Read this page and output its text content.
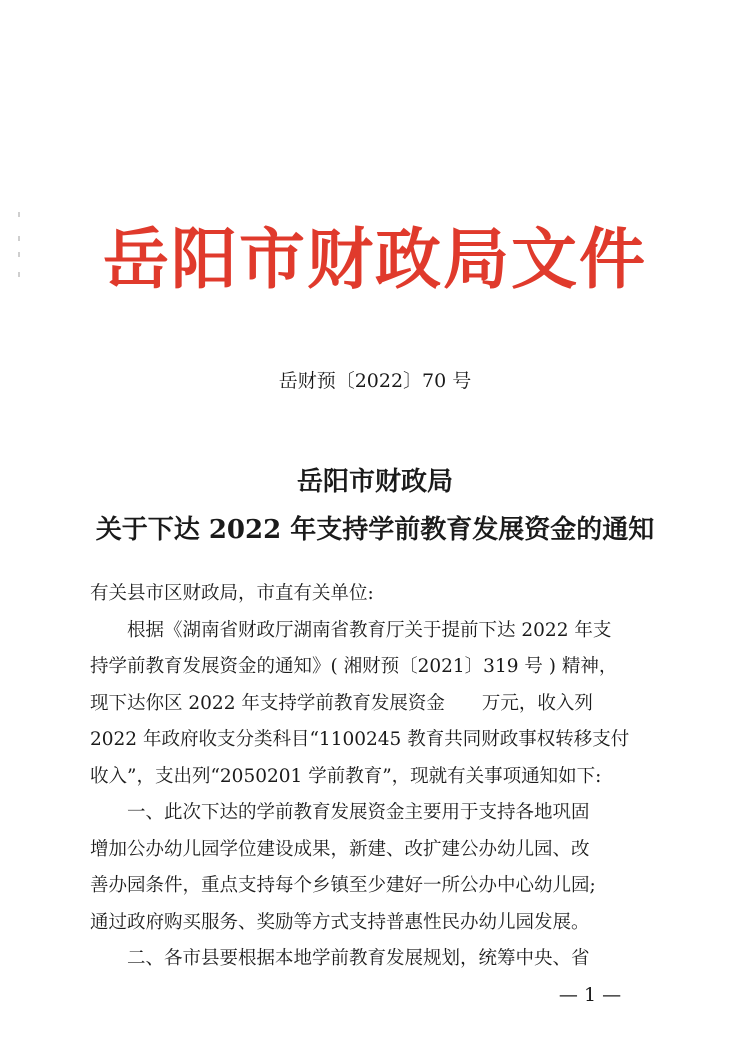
岳阳市财政局文件
岳财预〔2022〕70 号
岳阳市财政局
关于下达 2022 年支持学前教育发展资金的通知

有关县市区财政局，市直有关单位:

根据《湖南省财政厅湖南省教育厅关于提前下达 2022 年支

持学前教育发展资金的通知》( 湘财预〔2021〕319 号 ) 精神，

现下达你区 2022 年支持学前教育发展资金　　万元，收入列

2022 年政府收支分类科目“1100245 教育共同财政事权转移支付

收入”，支出列“2050201 学前教育”，现就有关事项通知如下:

一、此次下达的学前教育发展资金主要用于支持各地巩固

增加公办幼儿园学位建设成果，新建、改扩建公办幼儿园、改

善办园条件，重点支持每个乡镇至少建好一所公办中心幼儿园;

通过政府购买服务、奖励等方式支持普惠性民办幼儿园发展。

二、各市县要根据本地学前教育发展规划，统筹中央、省

— 1 —
